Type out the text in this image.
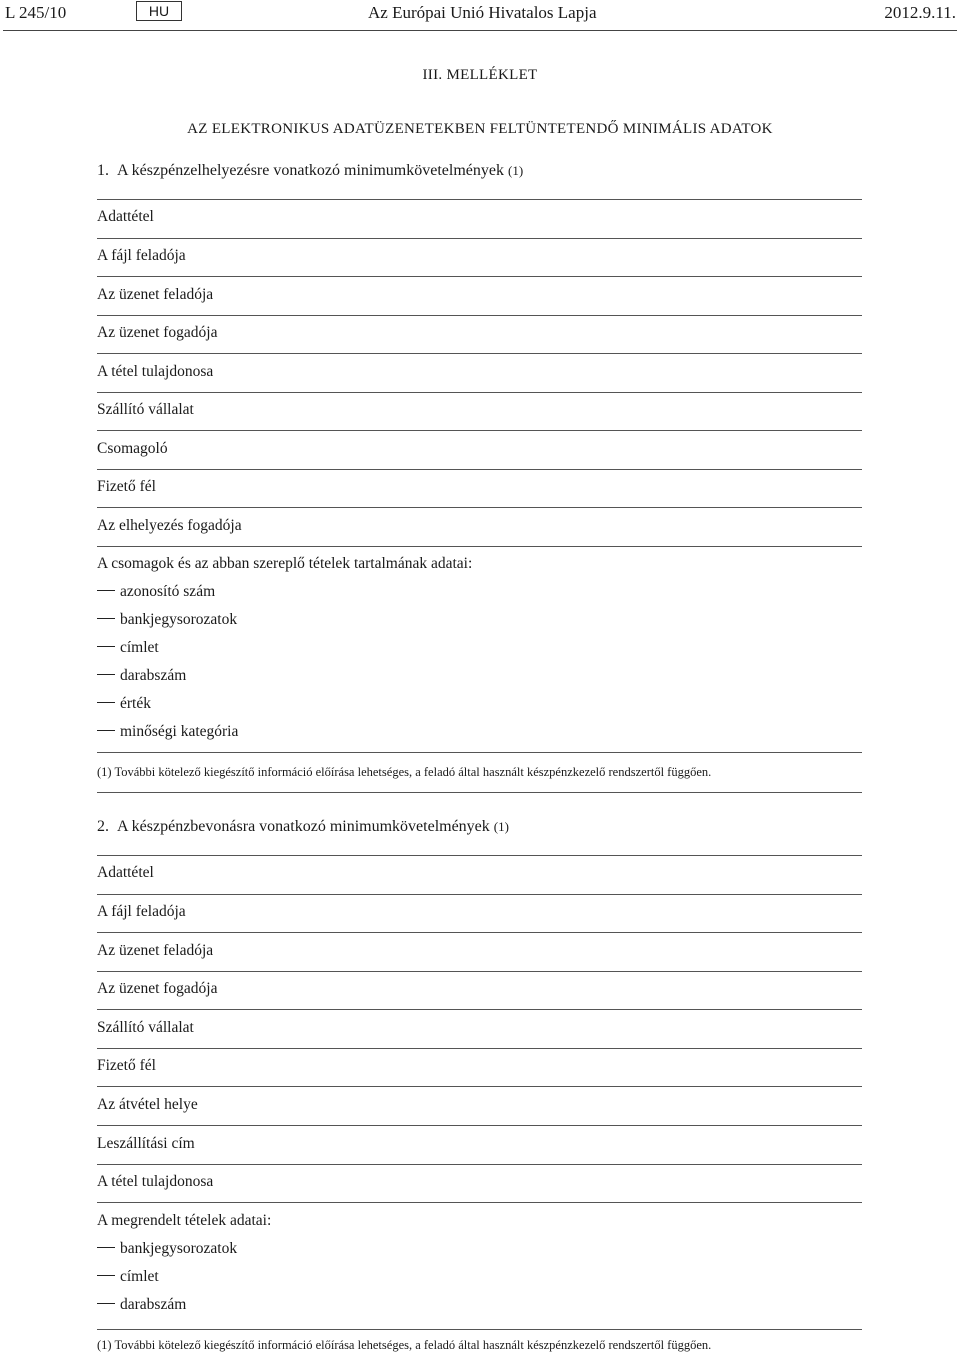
L 245/10	HU	Az Európai Unió Hivatalos Lapja	2012.9.11.
III. MELLÉKLET
AZ ELEKTRONIKUS ADATÜZENETEKBEN FELTÜNTETENDŐ MINIMÁLIS ADATOK
1. A készpénzelhelyezésre vonatkozó minimumkövetelmények (1)
Adattétel
A fájl feladója
Az üzenet feladója
Az üzenet fogadója
A tétel tulajdonosa
Szállító vállalat
Csomagoló
Fizető fél
Az elhelyezés fogadója
A csomagok és az abban szereplő tételek tartalmának adatai:
azonosító szám
bankjegysorozatok
címlet
darabszám
érték
minőségi kategória
(1) További kötelező kiegészítő információ előírása lehetséges, a feladó által használt készpénzkezelő rendszertől függően.
2. A készpénzbevonásra vonatkozó minimumkövetelmények (1)
Adattétel
A fájl feladója
Az üzenet feladója
Az üzenet fogadója
Szállító vállalat
Fizető fél
Az átvétel helye
Leszállítási cím
A tétel tulajdonosa
A megrendelt tételek adatai:
bankjegysorozatok
címlet
darabszám
(1) További kötelező kiegészítő információ előírása lehetséges, a feladó által használt készpénzkezelő rendszertől függően.
